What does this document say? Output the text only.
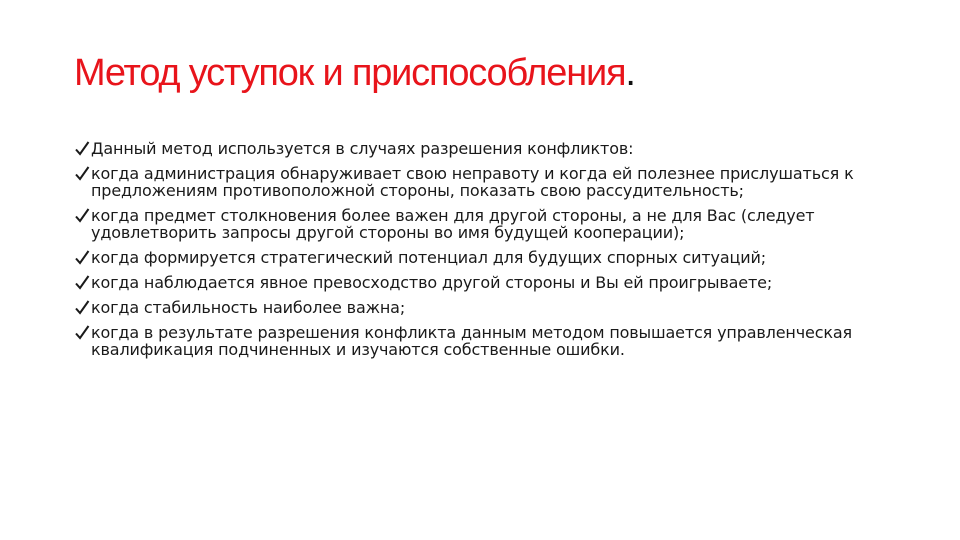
Метод уступок и приспособления.
Данный метод используется в случаях разрешения конфликтов:
когда администрация обнаруживает свою неправоту и когда ей полезнее прислушаться к предложениям противоположной стороны, показать свою рассудительность;
когда предмет столкновения более важен для другой стороны, а не для Вас (следует удовлетворить запросы другой стороны во имя будущей кооперации);
когда формируется стратегический потенциал для будущих спорных ситуаций;
когда наблюдается явное превосходство другой стороны и Вы ей проигрываете;
когда стабильность наиболее важна;
когда в результате разрешения конфликта данным методом повышается управленческая квалификация подчиненных и изучаются собственные ошибки.
